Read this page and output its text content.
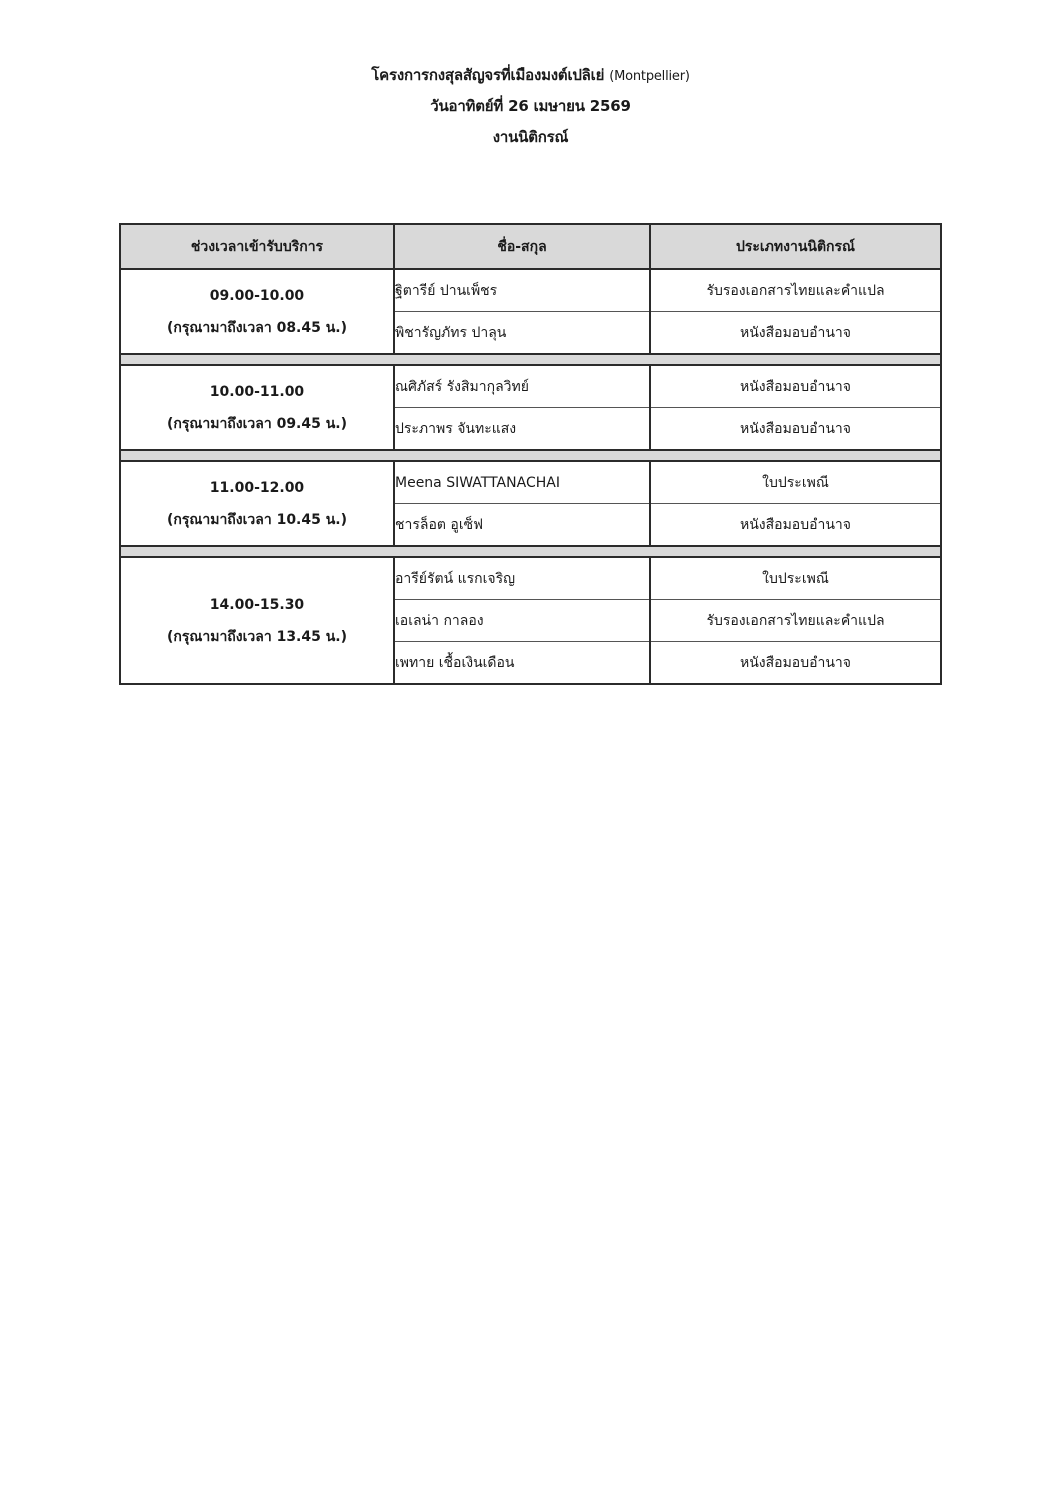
โครงการกงสุลสัญจรที่เมืองมงต์เปลิเย่ (Montpellier)
วันอาทิตย์ที่ 26 เมษายน 2569
งานนิติกรณ์
ช่วงเวลาเข้ารับบริการ	ชื่อ-สกุล	ประเภทงานนิติกรณ์

09.00-10.00
(กรุณามาถึงเวลา 08.45 น.)	ฐิตารีย์ ปานเพ็ชร	รับรองเอกสารไทยและคำแปล
	พิชารัญภัทร ปาลุน	หนังสือมอบอำนาจ

10.00-11.00
(กรุณามาถึงเวลา 09.45 น.)	ณศิภัสร์ รังสิมากุลวิทย์	หนังสือมอบอำนาจ
	ประภาพร จันทะแสง	หนังสือมอบอำนาจ

11.00-12.00
(กรุณามาถึงเวลา 10.45 น.)	Meena SIWATTANACHAI	ใบประเพณี
	ชารล็อต อูเซ็ฟ	หนังสือมอบอำนาจ

14.00-15.30
(กรุณามาถึงเวลา 13.45 น.)	อารีย์รัตน์ แรกเจริญ	ใบประเพณี
	เอเลน่า กาลอง	รับรองเอกสารไทยและคำแปล
	เพทาย เชื้อเงินเดือน	หนังสือมอบอำนาจ
